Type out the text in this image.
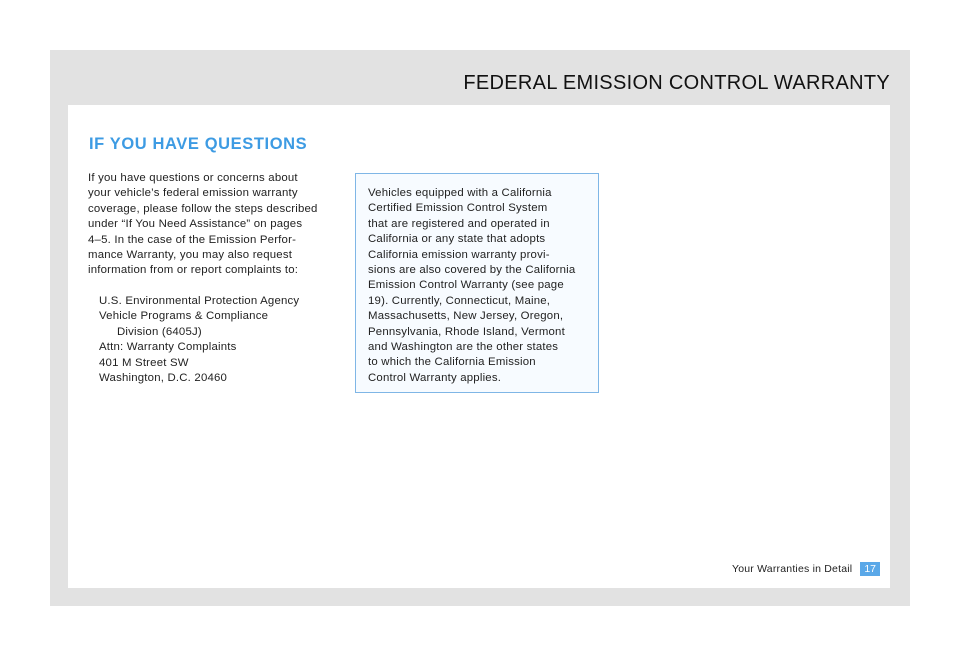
FEDERAL EMISSION CONTROL WARRANTY
IF YOU HAVE QUESTIONS

If you have questions or concerns about
your vehicle’s federal emission warranty
coverage, please follow the steps described
under “If You Need Assistance” on pages
4–5. In the case of the Emission Perfor-
mance Warranty, you may also request
information from or report complaints to:

U.S. Environmental Protection Agency
Vehicle Programs & Compliance
Division (6405J)
Attn: Warranty Complaints
401 M Street SW
Washington, D.C. 20460

Vehicles equipped with a California
Certified Emission Control System
that are registered and operated in
California or any state that adopts
California emission warranty provi-
sions are also covered by the California
Emission Control Warranty (see page
19). Currently, Connecticut, Maine,
Massachusetts, New Jersey, Oregon,
Pennsylvania, Rhode Island, Vermont
and Washington are the other states
to which the California Emission
Control Warranty applies.

Your Warranties in Detail	17
